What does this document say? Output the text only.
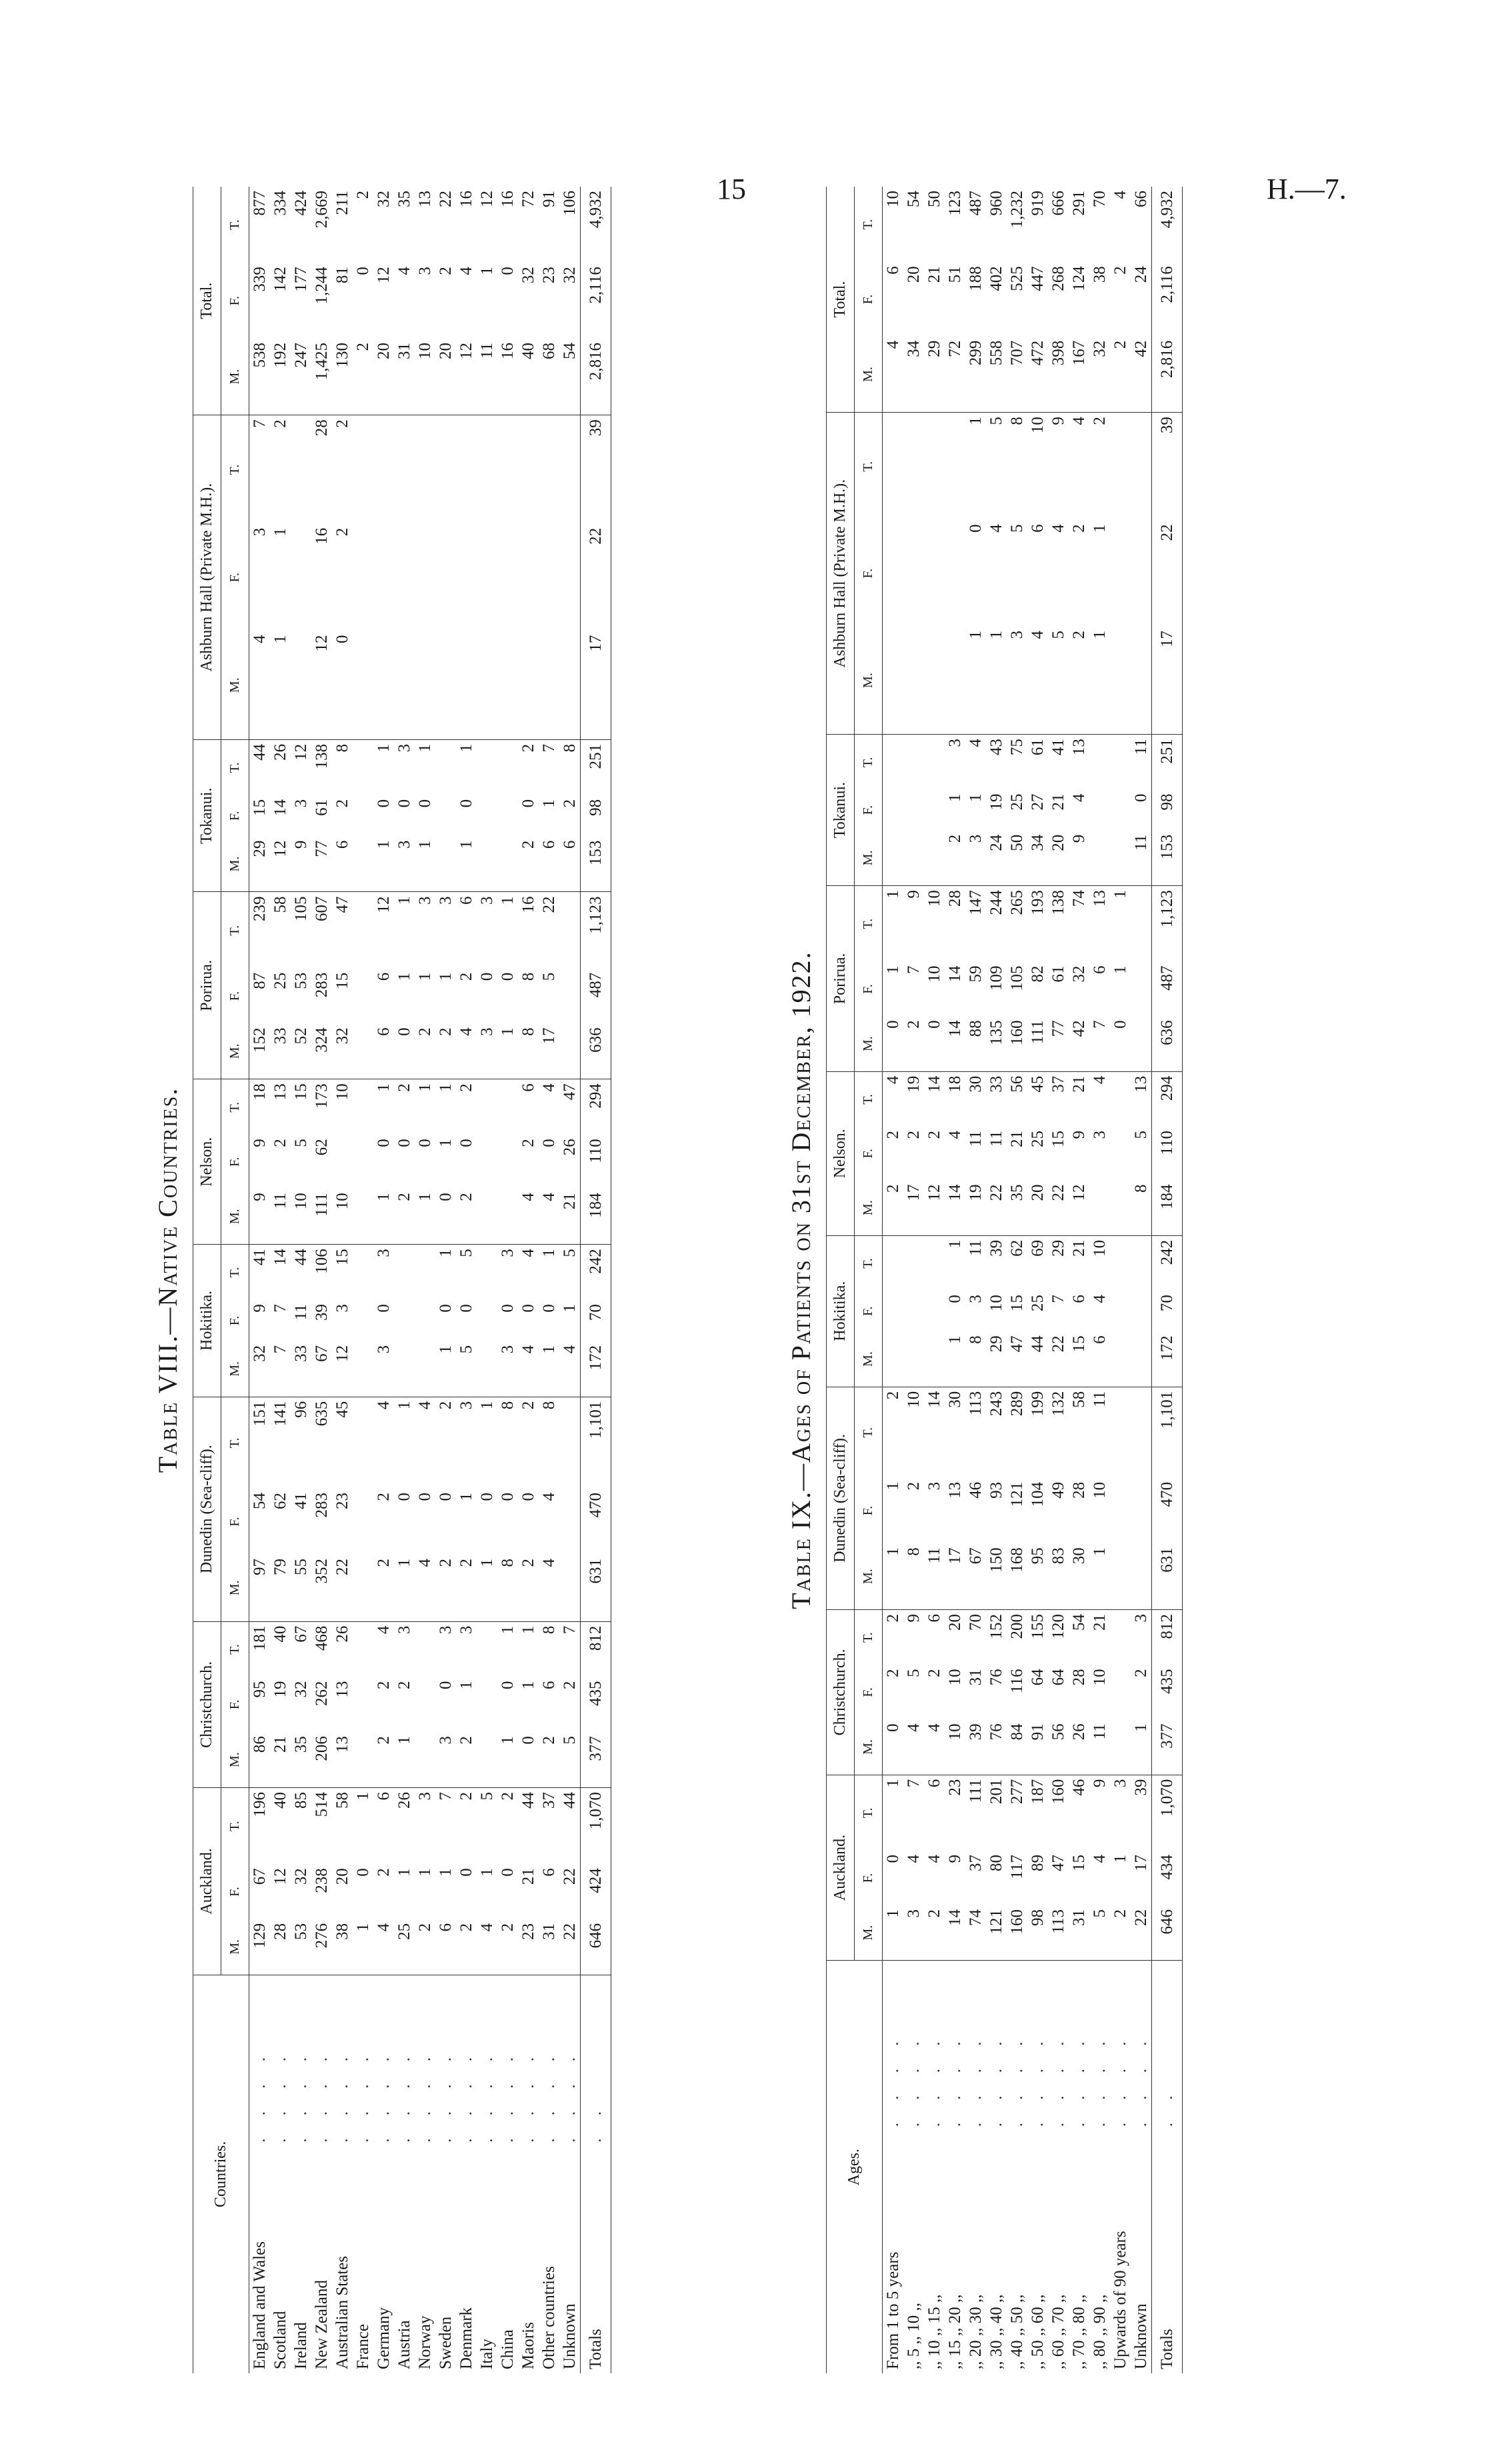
15	H.—7.
Table VIII.—Native Countries.
Countries.		Auckland.			Christchurch.			Dunedin (Sea-cliff).			Hokitika.			Nelson.			Porirua.			Tokanui.			Ashburn Hall (Private M.H.).			Total.		
		M.	F.	T.	M.	F.	T.	M.	F.	T.	M.	F.	T.	M.	F.	T.	M.	F.	T.	M.	F.	T.	M.	F.	T.	M.	F.	T.
England and Wales	. . . .	129	67	196	86	95	181	97	54	151	32	9	41	9	9	18	152	87	239	29	15	44	4	3	7	538	339	877
Scotland	. . . .	28	12	40	21	19	40	79	62	141	7	7	14	11	2	13	33	25	58	12	14	26	1	1	2	192	142	334
Ireland	. . . .	53	32	85	35	32	67	55	41	96	33	11	44	10	5	15	52	53	105	9	3	12				247	177	424
New Zealand	. . . .	276	238	514	206	262	468	352	283	635	67	39	106	111	62	173	324	283	607	77	61	138	12	16	28	1,425	1,244	2,669
Australian States	. . . .	38	20	58	13	13	26	22	23	45	12	3	15	10		10	32	15	47	6	2	8	0	2	2	130	81	211
France	. . . .	1	0	1																						2	0	2
Germany	. . . .	4	2	6	2	2	4	2	2	4	3	0	3	1	0	1	6	6	12	1	0	1				20	12	32
Austria	. . . .	25	1	26	1	2	3	1	0	1				2	0	2	0	1	1	3	0	3				31	4	35
Norway	. . . .	2	1	3				4	0	4				1	0	1	2	1	3	1	0	1				10	3	13
Sweden	. . . .	6	1	7	3	0	3	2	0	2	1	0	1	0	1	1	2	1	3							20	2	22
Denmark	. . . .	2	0	2	2	1	3	2	1	3	5	0	5	2	0	2	4	2	6	1	0	1				12	4	16
Italy	. . . .	4	1	5				1	0	1							3	0	3							11	1	12
China	. . . .	2	0	2	1	0	1	8	0	8	3	0	3				1	0	1							16	0	16
Maoris	. . . .	23	21	44	0	1	1	2	0	2	4	0	4	4	2	6	8	8	16	2	0	2				40	32	72
Other countries	. . . .	31	6	37	2	6	8	4	4	8	1	0	1	4	0	4	17	5	22	6	1	7				68	23	91
Unknown	. . . .	22	22	44	5	2	7				4	1	5	21	26	47				6	2	8				54	32	106
Totals	. .	646	424	1,070	377	435	812	631	470	1,101	172	70	242	184	110	294	636	487	1,123	153	98	251	17	22	39	2,816	2,116	4,932
Table IX.—Ages of Patients on 31st December, 1922.
Ages.		Auckland.			Christchurch.			Dunedin (Sea-cliff).			Hokitika.			Nelson.			Porirua.			Tokanui.			Ashburn Hall (Private M.H.).			Total.		
		M.	F.	T.	M.	F.	T.	M.	F.	T.	M.	F.	T.	M.	F.	T.	M.	F.	T.	M.	F.	T.	M.	F.	T.	M.	F.	T.
From 1 to 5 years	. . . .	1	0	1	0	2	2	1	1	2				2	2	4	0	1	1							4	6	10
,, 5 ,, 10 ,,	. . . .	3	4	7	4	5	9	8	2	10				17	2	19	2	7	9							34	20	54
,, 10 ,, 15 ,,	. . . .	2	4	6	4	2	6	11	3	14				12	2	14	0	10	10							29	21	50
,, 15 ,, 20 ,,	. . . .	14	9	23	10	10	20	17	13	30	1	0	1	14	4	18	14	14	28	2	1	3				72	51	123
,, 20 ,, 30 ,,	. . . .	74	37	111	39	31	70	67	46	113	8	3	11	19	11	30	88	59	147	3	1	4	1	0	1	299	188	487
,, 30 ,, 40 ,,	. . . .	121	80	201	76	76	152	150	93	243	29	10	39	22	11	33	135	109	244	24	19	43	1	4	5	558	402	960
,, 40 ,, 50 ,,	. . . .	160	117	277	84	116	200	168	121	289	47	15	62	35	21	56	160	105	265	50	25	75	3	5	8	707	525	1,232
,, 50 ,, 60 ,,	. . . .	98	89	187	91	64	155	95	104	199	44	25	69	20	25	45	111	82	193	34	27	61	4	6	10	472	447	919
,, 60 ,, 70 ,,	. . . .	113	47	160	56	64	120	83	49	132	22	7	29	22	15	37	77	61	138	20	21	41	5	4	9	398	268	666
,, 70 ,, 80 ,,	. . . .	31	15	46	26	28	54	30	28	58	15	6	21	12	9	21	42	32	74	9	4	13	2	2	4	167	124	291
,, 80 ,, 90 ,,	. . . .	5	4	9	11	10	21	1	10	11	6	4	10		3	4	7	6	13				1	1	2	32	38	70
Upwards of 90 years	. . . .	2	1	3													0	1	1							2	2	4
Unknown	. . . .	22	17	39	1	2	3							8	5	13				11	0	11				42	24	66
Totals	. .	646	434	1,070	377	435	812	631	470	1,101	172	70	242	184	110	294	636	487	1,123	153	98	251	17	22	39	2,816	2,116	4,932
